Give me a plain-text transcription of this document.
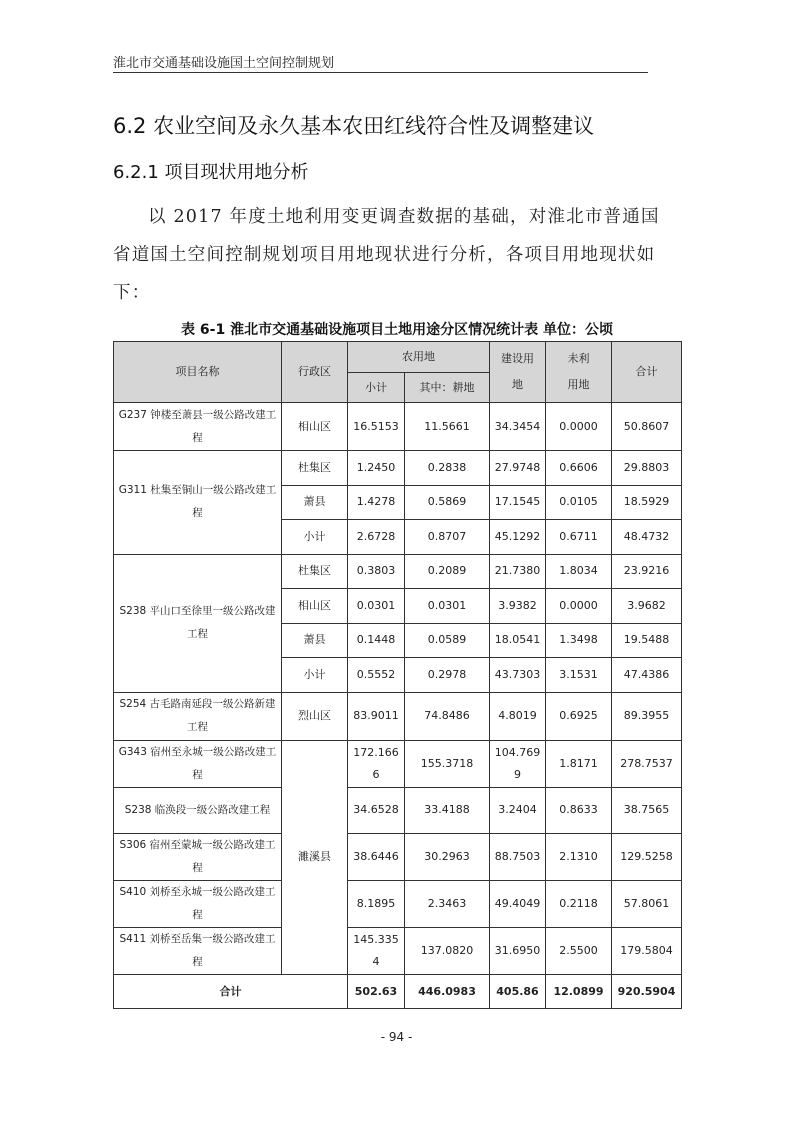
淮北市交通基础设施国土空间控制规划
6.2 农业空间及永久基本农田红线符合性及调整建议
6.2.1 项目现状用地分析
以 2017 年度土地利用变更调查数据的基础，对淮北市普通国省道国土空间控制规划项目用地现状进行分析，各项目用地现状如下：
表 6-1 淮北市交通基础设施项目土地用途分区情况统计表 单位：公顷
项目名称	行政区	农用地		建设用地	未利用地	合计
		小计	其中：耕地			
G237 钟楼至萧县一级公路改建工程	相山区	16.5153	11.5661	34.3454	0.0000	50.8607
G311 杜集至铜山一级公路改建工程	杜集区	1.2450	0.2838	27.9748	0.6606	29.8803
	萧县	1.4278	0.5869	17.1545	0.0105	18.5929
	小计	2.6728	0.8707	45.1292	0.6711	48.4732
S238 平山口至徐里一级公路改建工程	杜集区	0.3803	0.2089	21.7380	1.8034	23.9216
	相山区	0.0301	0.0301	3.9382	0.0000	3.9682
	萧县	0.1448	0.0589	18.0541	1.3498	19.5488
	小计	0.5552	0.2978	43.7303	3.1531	47.4386
S254 古毛路南延段一级公路新建工程	烈山区	83.9011	74.8486	4.8019	0.6925	89.3955
G343 宿州至永城一级公路改建工程	濉溪县	172.1666	155.3718	104.7699	1.8171	278.7537
S238 临涣段一级公路改建工程		34.6528	33.4188	3.2404	0.8633	38.7565
S306 宿州至蒙城一级公路改建工程		38.6446	30.2963	88.7503	2.1310	129.5258
S410 刘桥至永城一级公路改建工程		8.1895	2.3463	49.4049	0.2118	57.8061
S411 刘桥至岳集一级公路改建工程		145.3354	137.0820	31.6950	2.5500	179.5804
合计		502.63	446.0983	405.86	12.0899	920.5904
- 94 -
